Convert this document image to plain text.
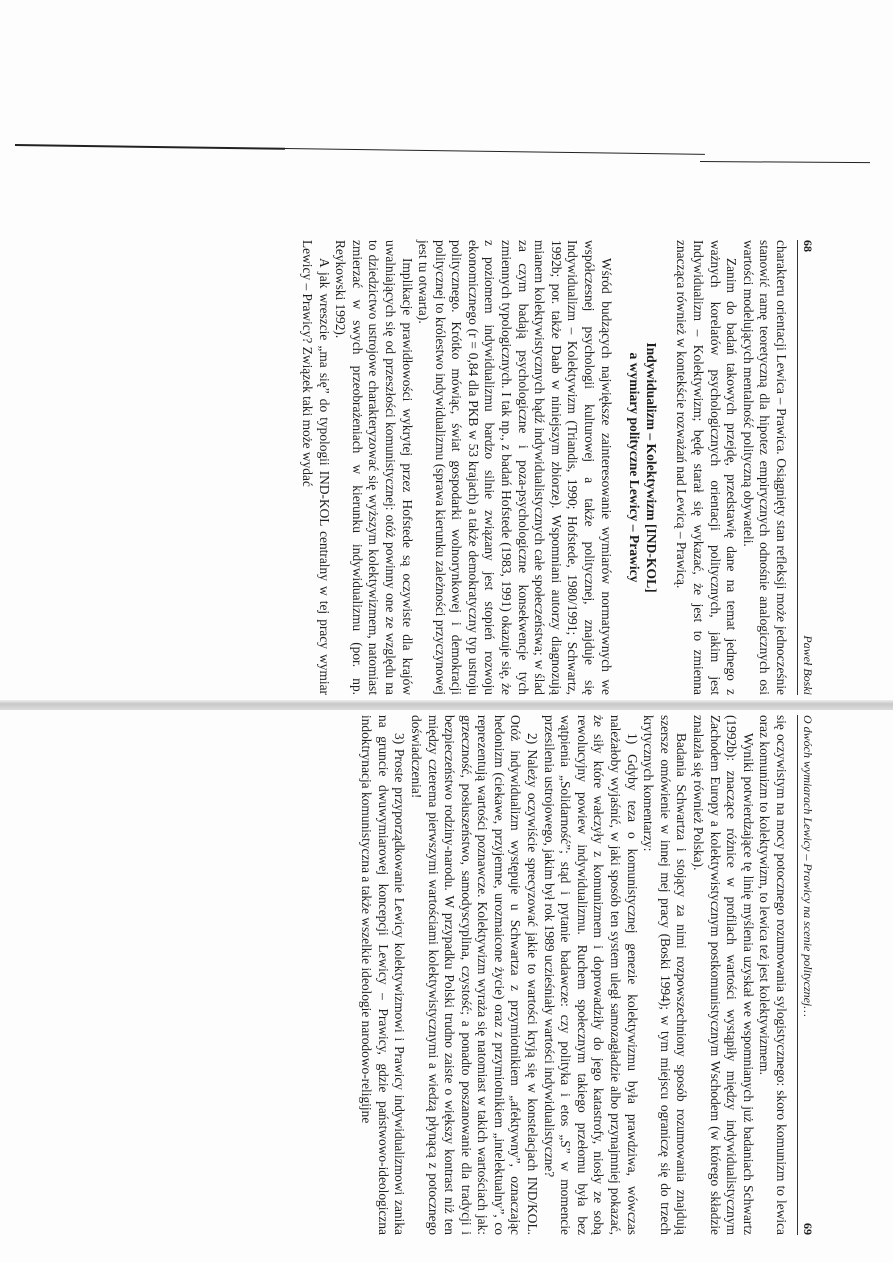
68
Paweł Boski

charakteru orientacji Lewica – Prawica. Osiągnięty stan refleksji może jednocześnie stanowić ramę teoretyczną dla hipotez empirycznych odnośnie analogicznych osi wartości modelujących mentalność polityczną obywateli.

Zanim do badań takowych przejdę, przedstawię dane na temat jednego z ważnych korelatów psychologicznych orientacji politycznych, jakim jest Indywidualizm – Kolektywizm; będę starał się wykazać, że jest to zmienna znacząca również w kontekście rozważań nad Lewicą – Prawicą.

Indywidualizm – Kolektywizm [IND-KOL]
a wymiary polityczne Lewicy – Prawicy

Wśród budzących największe zainteresowanie wymiarów normatywnych we współczesnej psychologii kulturowej a także politycznej, znajduje się Indywidualizm – Kolektywizm (Triandis, 1990; Hofstede, 1980/1991; Schwartz, 1992b; por. także Daab w niniejszym zbiorze). Wspomniani autorzy diagnozują mianem kolektywistycznych bądź indywidualistycznych całe społeczeństwa; w ślad za czym badają psychologiczne i poza-psychologiczne konsekwencje tych zmiennych typologicznych. I tak np., z badań Hofstede (1983, 1991) okazuje się, że z poziomem indywidualizmu bardzo silnie związany jest stopień rozwoju ekonomicznego (r = 0,84 dla PKB w 53 krajach) a także demokratyczny typ ustroju politycznego. Krótko mówiąc, świat gospodarki wolnorynkowej i demokracji politycznej to królestwo indywidualizmu (sprawa kierunku zależności przyczynowej jest tu otwarta).

Implikacje prawidłowości wykrytej przez Hofstede są oczywiste dla krajów uwalniających się od przeszłości komunistycznej: otóż powinny one ze względu na to dziedzictwo ustrojowe charakteryzować się wyższym kolektywizmem, natomiast zmierzać w swych przeobrażeniach w kierunku indywidualizmu (por. np. Reykowski 1992).

A jak wreszcie „ma się” do typologii IND-KOL centralny w tej pracy wymiar Lewicy – Prawicy? Związek taki może wydać

O dwóch wymiarach Lewicy – Prawicy na scenie politycznej…
69

się oczywistym na mocy potocznego rozumowania sylogistycznego: skoro komunizm to lewica oraz komunizm to kolektywizm, to lewica też jest kolektywizmem.

Wyniki potwierdzające tę linię myślenia uzyskał we wspomnianych już badaniach Schwartz (1992b): znaczące różnice w profilach wartości wystąpiły między indywidualistycznym Zachodem Europy a kolektywistycznym postkomunistycznym Wschodem (w którego składzie znalazła się również Polska).

Badania Schwartza i stojący za nimi rozpowszechniony sposób rozumowania znajdują szersze omówienie w innej mej pracy (Boski 1994); w tym miejscu ograniczę się do trzech krytycznych komentarzy:

1) Gdyby teza o komunistycznej genezie kolektywizmu była prawdziwa, wówczas należałoby wyjaśnić, w jaki sposób ten system uległ samozagładzie albo przynajmniej pokazać, że siły które wałczyły z komunizmem i doprowadziły do jego katastrofy, niosły ze sobą rewolucyjny powiew indywidualizmu. Ruchem społecznym takiego przełomu była bez wątpienia „Solidarność”; stąd i pytanie badawcze: czy polityka i etos „S” w momencie przesilenia ustrojowego, jakim był rok 1989 uczieśniały wartości indywidualistyczne?

2) Należy oczywiście sprecyzować jakie to wartości kryją się w konstelacjach IND/KOL. Otóż indywidualizm występuje u Schwartza z przymiotnikiem „afektywny”, oznaczając hedonizm (ciekawe, przyjemne, urozmaicone życie) oraz z przymiotnikiem „intelektualny”, co reprezentują wartości poznawcze. Kolektywizm wyraża się natomiast w takich wartościach jak: grzeczność, posłuszeństwo, samodyscyplina, czystość; a ponadto poszanowanie dla tradycji i bezpieczeństwo rodziny-narodu. W przypadku Polski trudno zaiste o większy kontrast niż ten między czterema pierwszymi wartościami kolektywistycznymi a wiedzą płynącą z potocznego doświadczenia!

3) Proste przyporządkowanie Lewicy kolektywizmowi i Prawicy indywidualizmowi zanika na gruncie dwuwymiarowej koncepcji Lewicy – Prawicy, gdzie państwowo-ideologiczna indoktrynacja komunistyczna a także wszelkie ideologie narodowo-religijne
